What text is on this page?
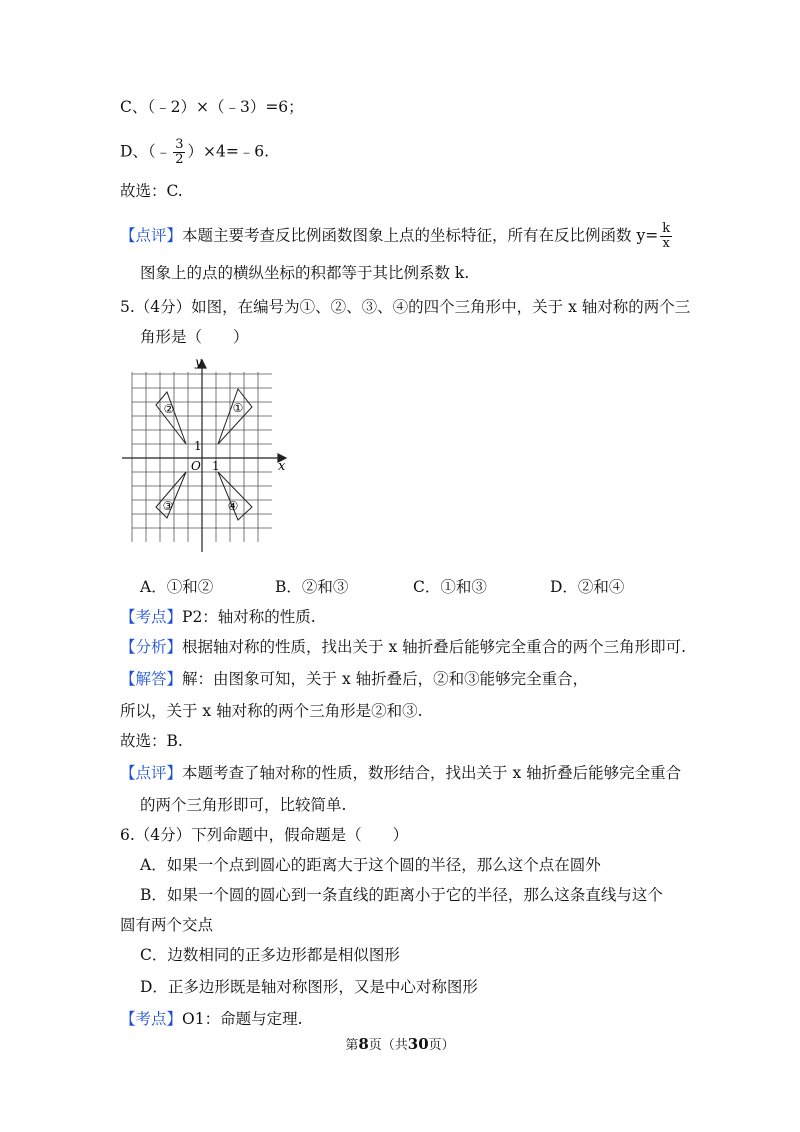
C、（﹣2）×（﹣3）=6；
D、（﹣ $\frac{3}{2}$ ）×4=﹣6.
故选：C.
【点评】本题主要考查反比例函数图象上点的坐标特征，所有在反比例函数 $y= \frac{k}{x}$
图象上的点的横纵坐标的积都等于其比例系数 k.
5.（4分）如图，在编号为①、②、③、④的四个三角形中，关于 x 轴对称的两个三
角形是（　　）
①
②
③	④
y
x
O 1
1
A．①和②	B．②和③	C．①和③	D．②和④
【考点】P2：轴对称的性质.
【分析】根据轴对称的性质，找出关于 x 轴折叠后能够完全重合的两个三角形即可.
【解答】解：由图象可知，关于 x 轴折叠后，②和③能够完全重合，
所以，关于 x 轴对称的两个三角形是②和③.
故选：B.
【点评】本题考查了轴对称的性质，数形结合，找出关于 x 轴折叠后能够完全重合
的两个三角形即可，比较简单.
6.（4分）下列命题中，假命题是（　　）
A．如果一个点到圆心的距离大于这个圆的半径，那么这个点在圆外
B．如果一个圆的圆心到一条直线的距离小于它的半径，那么这条直线与这个
圆有两个交点
C．边数相同的正多边形都是相似图形
D．正多边形既是轴对称图形，又是中心对称图形
【考点】O1：命题与定理.
第8页（共30页）
